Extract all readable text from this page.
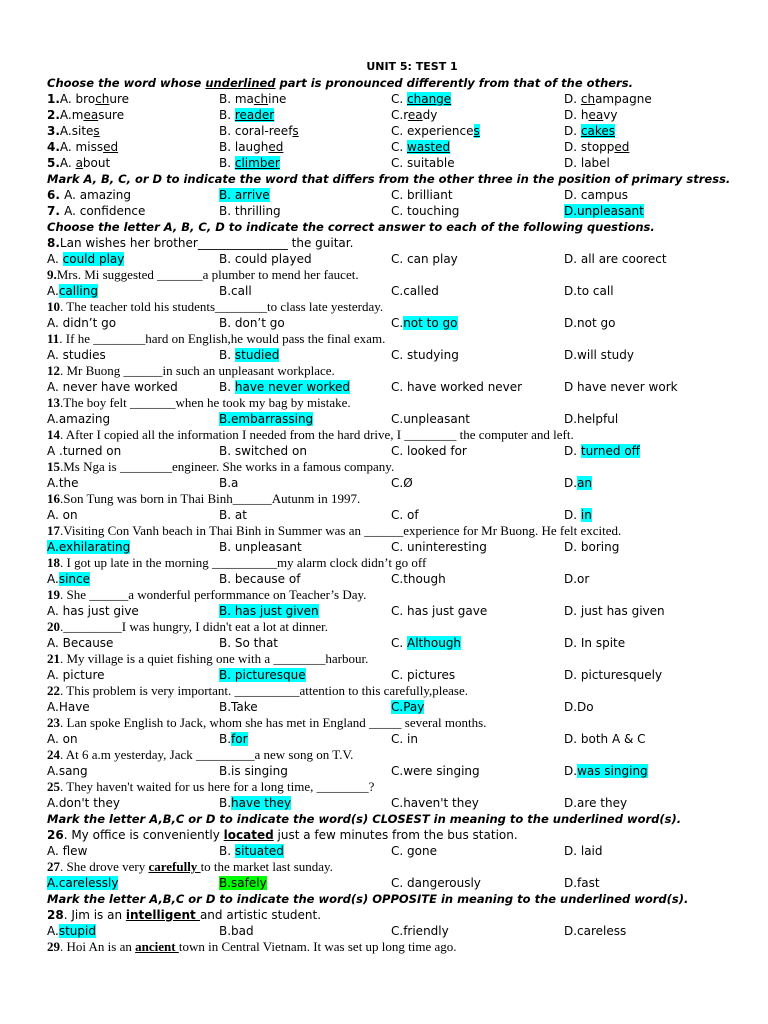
UNIT 5: TEST 1
Choose the word whose underlined part is pronounced differently from that of the others.
1.A. brochure	B. machine	C. change	D. champagne
2.A.measure	B. reader	C.ready	D. heavy
3.A.sites	B. coral-reefs	C. experiences	D. cakes
4.A. missed	B. laughed	C. wasted	D. stopped
5.A. about	B. climber	C. suitable	D. label
Mark A, B, C, or D to indicate the word that differs from the other three in the position of primary stress.
6. A. amazing	B. arrive	C. brilliant	D. campus
7. A. confidence	B. thrilling	C. touching	D.unpleasant
Choose the letter A, B, C, D to indicate the correct answer to each of the following questions.
8.Lan wishes her brother_______________ the guitar.
A. could play	B. could played	C. can play	D. all are coorect
9.Mrs. Mi suggested _______a plumber to mend her faucet.
A.calling	B.call	C.called	D.to call
10. The teacher told his students________to class late yesterday.
A. didn’t go	B. don’t go	C.not to go	D.not go
11. If he ________hard on English,he would pass the final exam.
A. studies	B. studied	C. studying	D.will study
12. Mr Buong ______in such an unpleasant workplace.
A. never have worked	B. have never worked	C. have worked never	D have never work
13.The boy felt _______when he took my bag by mistake.
A.amazing	B.embarrassing	C.unpleasant	D.helpful
14. After I copied all the information I needed from the hard drive, I ________ the computer and left.
A .turned on	B. switched on	C. looked for	D. turned off
15.Ms Nga is ________engineer. She works in a famous company.
A.the	B.a	C.Ø	D.an
16.Son Tung was born in Thai Binh______Autunm in 1997.
A. on	B. at	C. of	D. in
17.Visiting Con Vanh beach in Thai Binh in Summer was an ______experience for Mr Buong. He felt excited.
A.exhilarating	B. unpleasant	C. uninteresting	D. boring
18. I got up late in the morning __________my alarm clock didn’t go off
A.since	B. because of	C.though	D.or
19. She ______a wonderful performmance on Teacher’s Day.
A. has just give	B. has just given	C. has just gave	D. just has given
20._________I was hungry, I didn't eat a lot at dinner.
A. Because	B. So that	C. Although	D. In spite
21. My village is a quiet fishing one with a ________harbour.
A. picture	B. picturesque	C. pictures	D. picturesquely
22. This problem is very important. __________attention to this carefully,please.
A.Have	B.Take	C.Pay	D.Do
23. Lan spoke English to Jack, whom she has met in England _____ several months.
A. on	B.for	C. in	D. both A & C
24. At 6 a.m yesterday, Jack _________a new song on T.V.
A.sang	B.is singing	C.were singing	D.was singing
25. They haven't waited for us here for a long time, ________?
A.don't they	B.have they	C.haven't they	D.are they
Mark the letter A,B,C or D to indicate the word(s) CLOSEST in meaning to the underlined word(s).
26. My office is conveniently located just a few minutes from the bus station.
A. flew	B. situated	C. gone	D. laid
27. She drove very carefully to the market last sunday.
A.carelessly	B.safely	C. dangerously	D.fast
Mark the letter A,B,C or D to indicate the word(s) OPPOSITE in meaning to the underlined word(s).
28. Jim is an intelligent and artistic student.
A.stupid	B.bad	C.friendly	D.careless
29. Hoi An is an ancient town in Central Vietnam. It was set up long time ago.
